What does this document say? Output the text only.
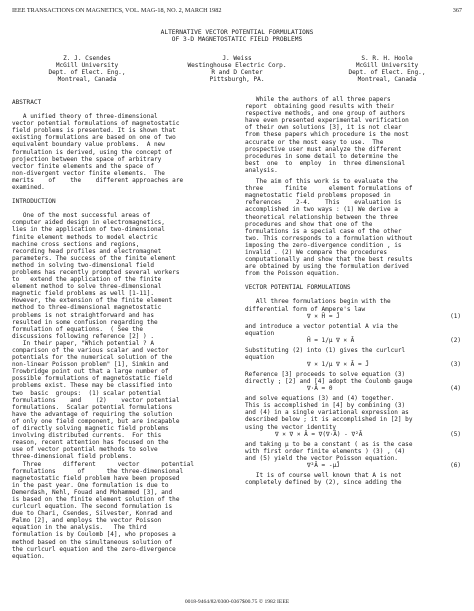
IEEE TRANSACTIONS ON MAGNETICS, VOL. MAG-18, NO. 2, MARCH 1982	367
ALTERNATIVE VECTOR POTENTIAL FORMULATIONS
OF 3-D MAGNETOSTATIC FIELD PROBLEMS
Z. J. Csendes
McGill University
Dept. of Elect. Eng.,
Montreal, Canada
J. Weiss
Westinghouse Electric Corp.
R and D Center
Pittsburgh, PA.
S. R. H. Hoole
McGill University
Dept. of Elect. Eng.,
Montreal, Canada
ABSTRACT
A unified theory of three-dimensional
vector potential formulations of magnetostatic
field problems is presented. It is shown that
existing formulations are based on one of two
equivalent boundary value problems.  A new
formulation is derived, using the concept of
projection between the space of arbitrary
vector finite elements and the space of
non-divergent vector finite elements.  The
merits    of    the    different approaches are
examined.
INTRODUCTION
One of the most successful areas of
computer aided design in electromagnetics,
lies in the application of two-dimensional
finite element methods to model electric
machine cross sections and regions,
recording head profiles and electromagnet
parameters. The success of the finite element
method in solving two-dimensional field
problems has recently prompted several workers
to   extend the application of the finite
element method to solve three-dimensional
magnetic field problems as well [1-11].
However, the extension of the finite element
method to three-dimensional magnetostatic
problems is not straightforward and has
resulted in some confusion regarding the
formulation of equations.  ( See the
discussions following reference [2] ) .
In their paper, "Which potential ? A
comparison of the various scalar and vector
potentials for the numerical solution of the
non-linear Poisson problem" [1], Simkin and
Trowbridge point out that a large number of
possible formulations of magnetostatic field
problems exist. These may be classified into
two  basic  groups:  (1) scalar potential
formulations    and    (2)    vector potential
formulations.  Scalar potential formulations
have the advantage of requiring the solution
of only one field component, but are incapable
of directly solving magnetic field problems
involving distributed currents.  For this
reason, recent attention has focused on the
use of vector potential methods to solve
three-dimensional field problems.
Three      different      vector      potential
formulations      of      the three-dimensional
magnetostatic field problem have been proposed
in the past year. One formulation is due to
Demerdash, Nehl, Fouad and Mohammed [3], and
is based on the finite element solution of the
curlcurl equation. The second formulation is
due to Chari, Csendes, Silvester, Konrad and
Palmo [2], and employs the vector Poisson
equation in the analysis.   The third
formulation is by Coulomb [4], who proposes a
method based on the simultaneous solution of
the curlcurl equation and the zero-divergence
equation.
While the authors of all three papers
report  obtaining good results with their
respective methods, and one group of authors
have even presented experimental verification
of their own solutions [3], it is not clear
from these papers which procedure is the most
accurate or the most easy to use.  The
prospective user must analyze the different
procedures in some detail to determine the
best  one  to  employ  in  three dimensional
analysis.
The aim of this work is to evaluate the
three      finite      element formulations of
magnetostatic field problems proposed in
references    2-4.    This    evaluation is
accomplished in two ways : (1) We derive a
theoretical relationship between the three
procedures and show that one of the
formulations is a special case of the other
two. This corresponds to a formulation without
imposing the zero-divergence condition , is
invalid . (2) We compare the procedures
computationally and show that the best results
are obtained by using the formulation derived
from the Poisson equation.
VECTOR POTENTIAL FORMULATIONS
All three formulations begin with the
differential form of Ampere's law

∇ × H̄ = J̄

	(1)

and introduce a vector potential Ā via the
equation

H̄ = 1/μ ∇ × Ā

	(2)

Substituting (2) into (1) gives the curlcurl
equation

∇ × 1/μ ∇ × Ā = J̄

	(3)

Reference [3] proceeds to solve equation (3)
directly ; [2] and [4] adopt the Coulomb gauge

∇·Ā = 0

	(4)

and solve equations (3) and (4) together.
This is accomplished in [4] by combining (3)
and (4) in a single variational expression as
described below ; it is accomplished in [2] by
using the vector identity

∇ × ∇ × Ā = ∇(∇·Ā) - ∇²Ā

	(5)

and taking μ to be a constant ( as is the case
with first order finite elements ) (3) , (4)
and (5) yield the vector Poisson equation.

∇²Ā = -μJ̄

	(6)

It is of course well known that Ā is not
completely defined by (2), since adding the
0018-9464/82/0300-0367$00.75 © 1982 IEEE
